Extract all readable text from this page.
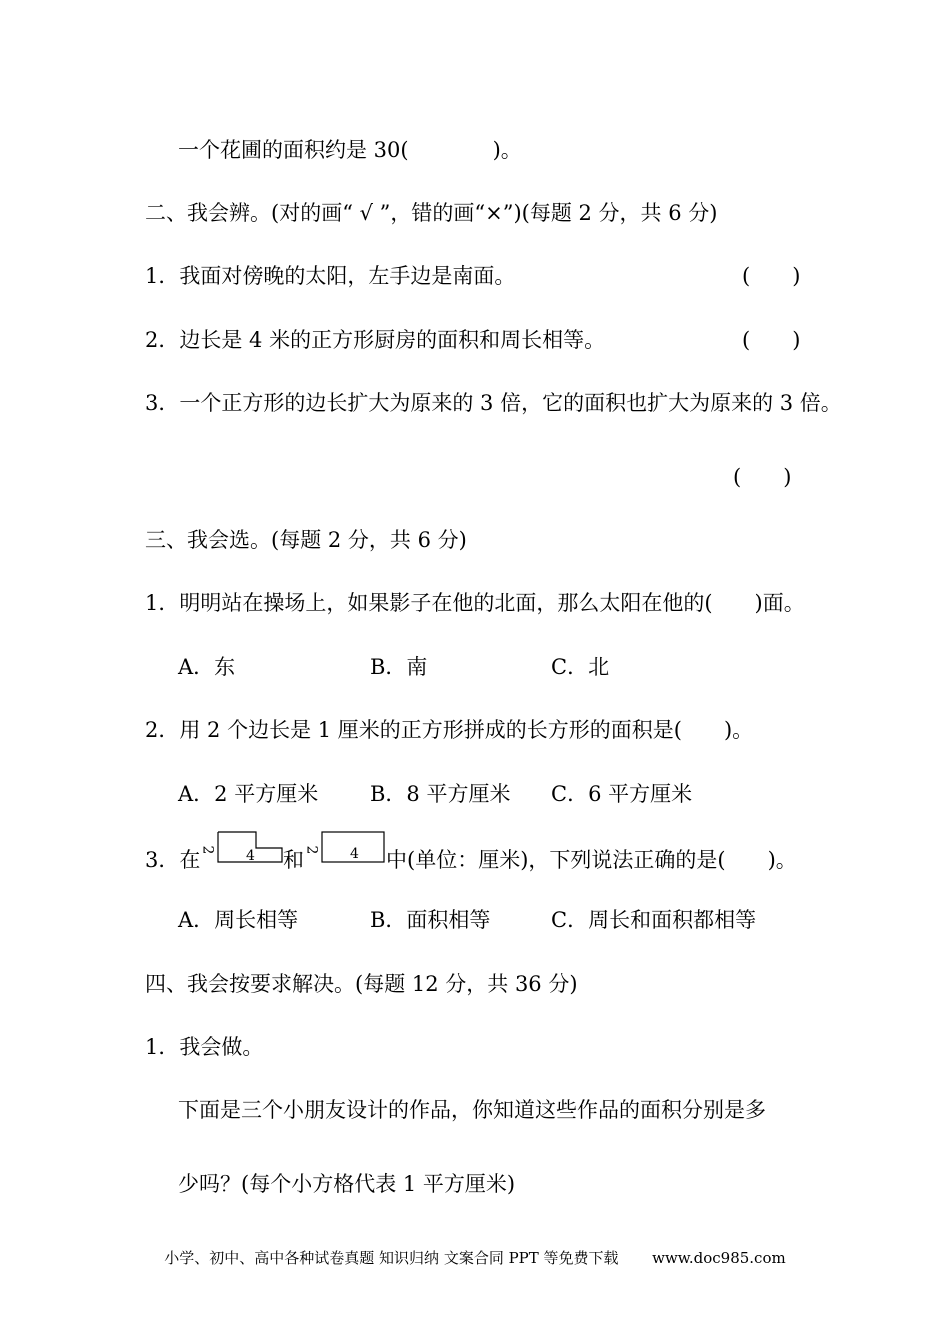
一个花圃的面积约是 30(　　　　)。
二、我会辨。(对的画“ √ ”，错的画“×”)(每题 2 分，共 6 分)
1．我面对傍晚的太阳，左手边是南面。	(　　)
2．边长是 4 米的正方形厨房的面积和周长相等。	(　　)
3．一个正方形的边长扩大为原来的 3 倍，它的面积也扩大为原来的 3 倍。
(　　)
三、我会选。(每题 2 分，共 6 分)
1．明明站在操场上，如果影子在他的北面，那么太阳在他的(　　)面。
A．东	B．南	C．北
2．用 2 个边长是 1 厘米的正方形拼成的长方形的面积是(　　)。
A．2 平方厘米 B．8 平方厘米 C．6 平方厘米
3．在 2 4 和 2 4 中(单位：厘米)，下列说法正确的是(　　)。
A．周长相等	B．面积相等	C．周长和面积都相等
四、我会按要求解决。(每题 12 分，共 36 分)
1．我会做。
下面是三个小朋友设计的作品，你知道这些作品的面积分别是多
少吗？(每个小方格代表 1 平方厘米)
小学、初中、高中各种试卷真题 知识归纳 文案合同 PPT 等免费下载 www.doc985.com
